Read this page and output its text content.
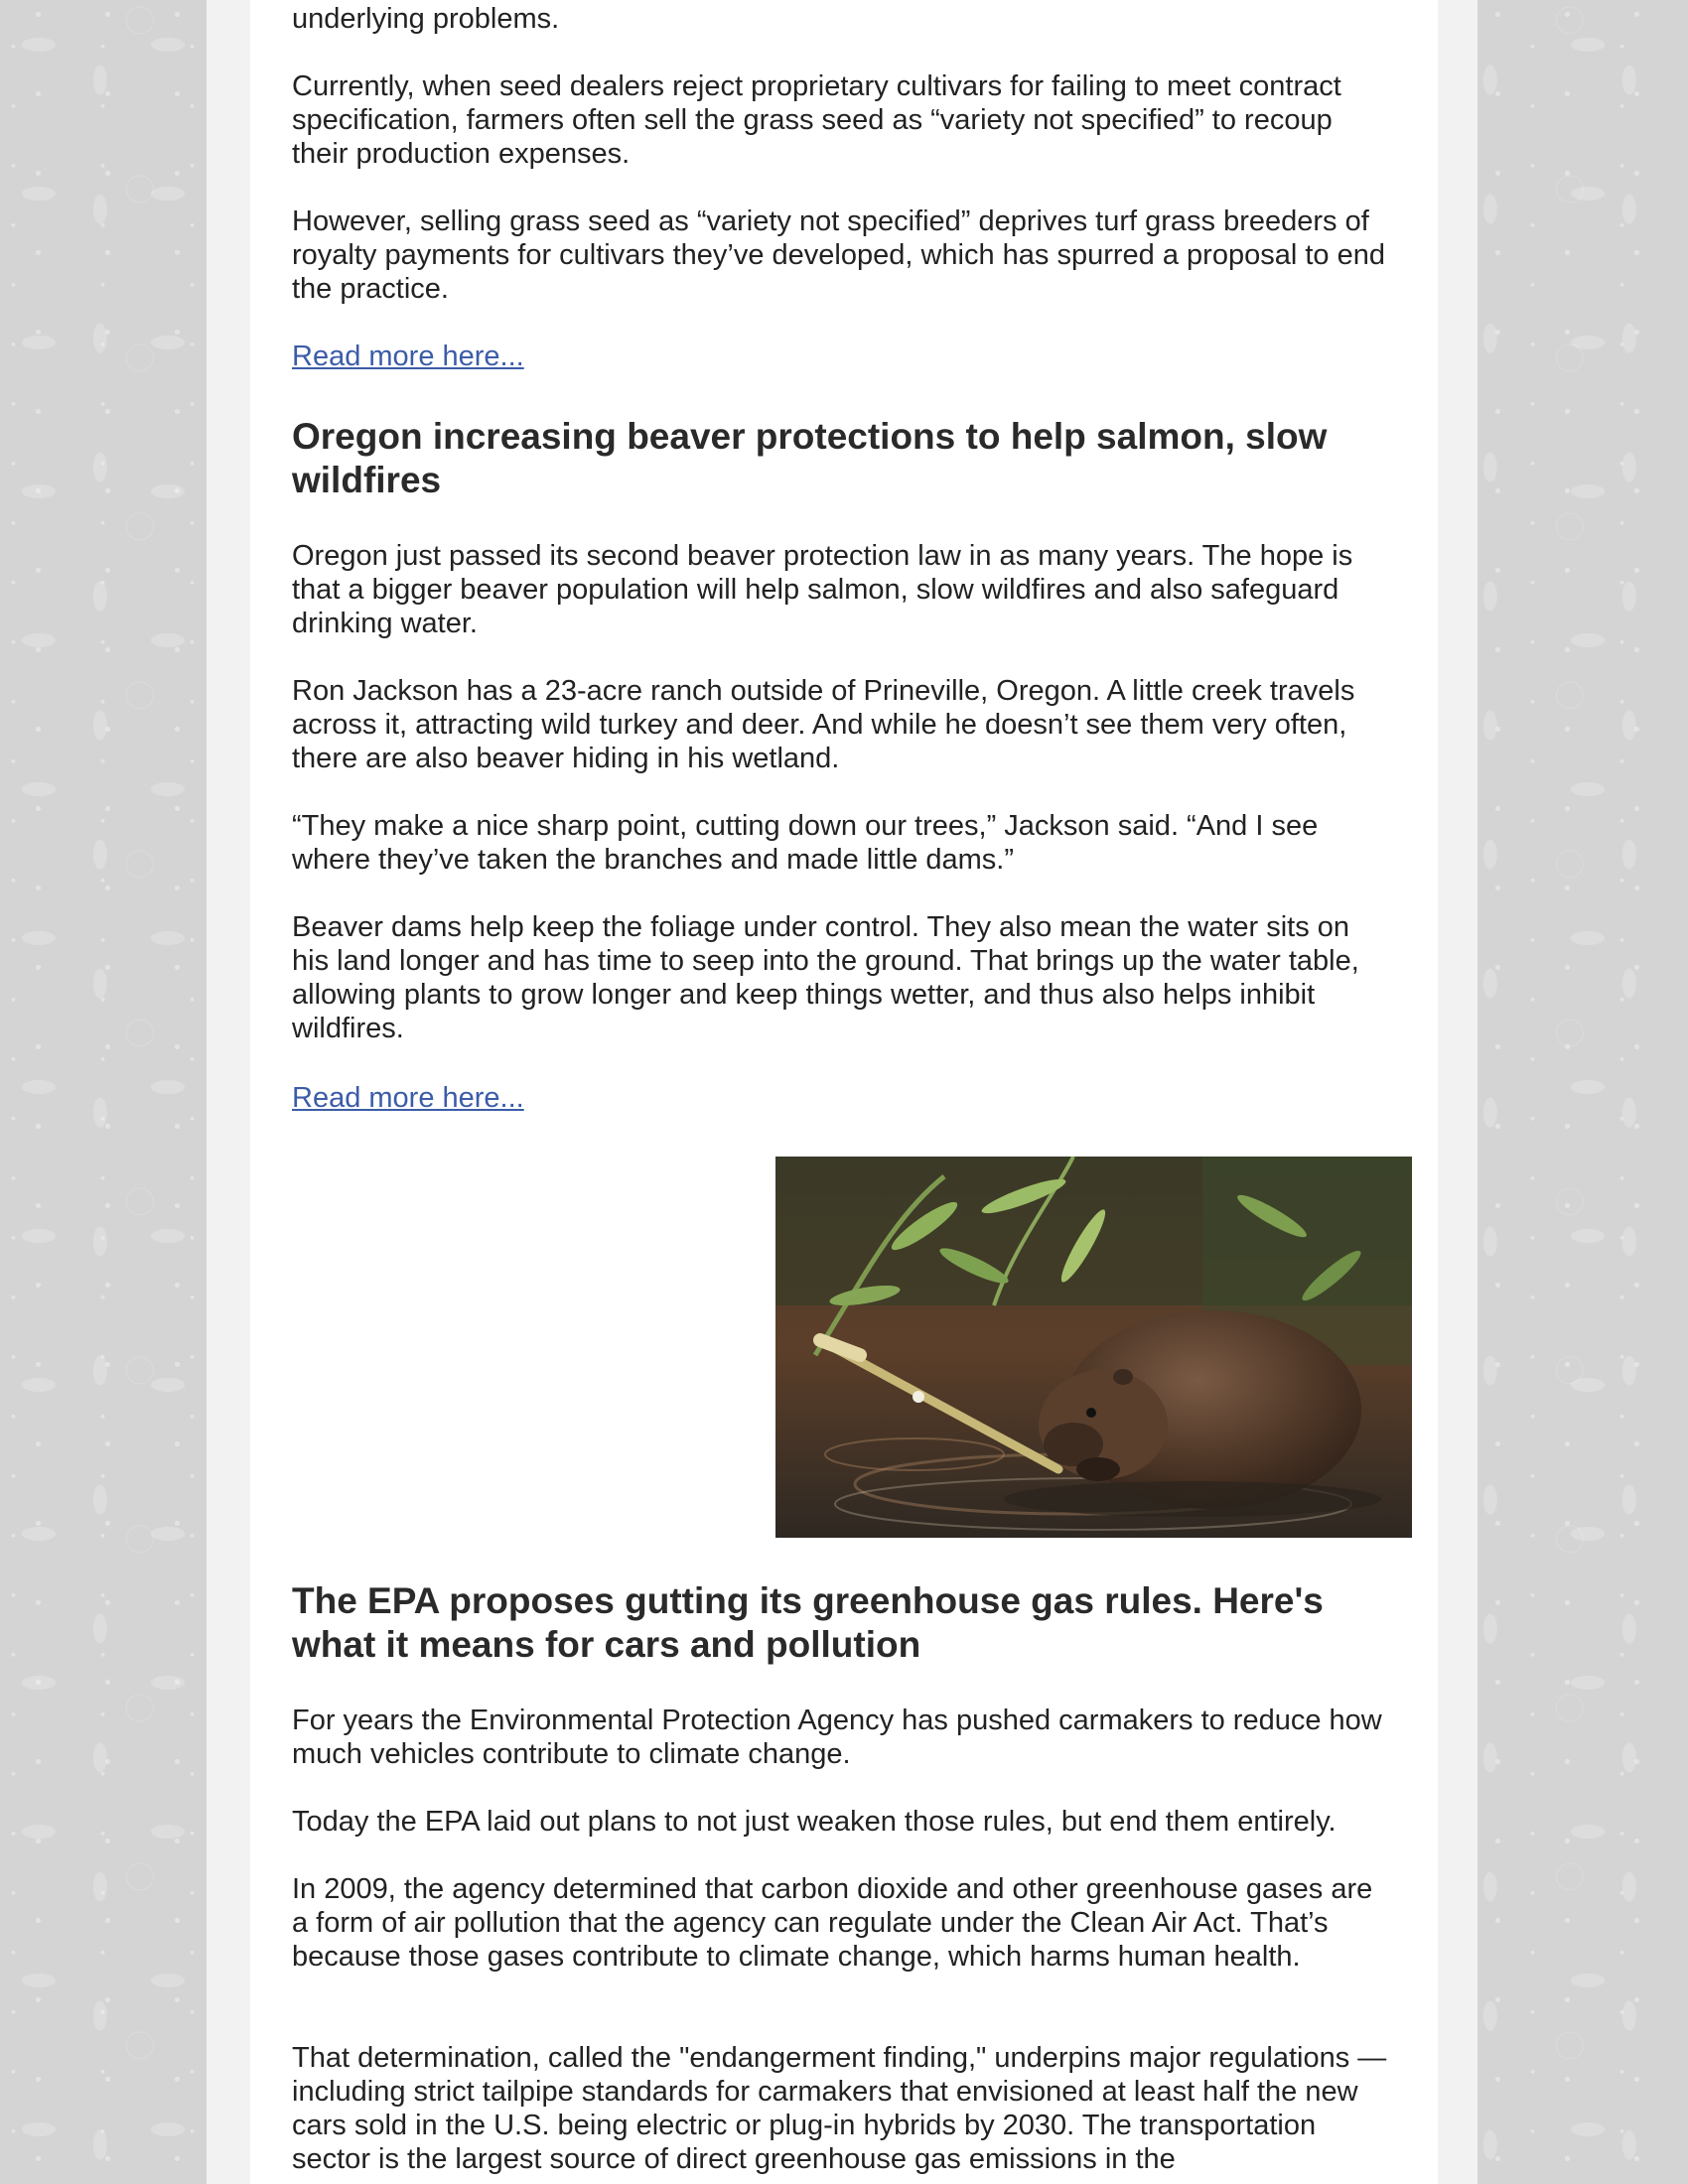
underlying problems.

Currently, when seed dealers reject proprietary cultivars for failing to meet contract specification, farmers often sell the grass seed as “variety not specified” to recoup their production expenses.

However, selling grass seed as “variety not specified” deprives turf grass breeders of royalty payments for cultivars they’ve developed, which has spurred a proposal to end the practice.

Read more here...
Oregon increasing beaver protections to help salmon, slow wildfires

Oregon just passed its second beaver protection law in as many years. The hope is that a bigger beaver population will help salmon, slow wildfires and also safeguard drinking water.

Ron Jackson has a 23-acre ranch outside of Prineville, Oregon. A little creek travels across it, attracting wild turkey and deer. And while he doesn’t see them very often, there are also beaver hiding in his wetland.

“They make a nice sharp point, cutting down our trees,” Jackson said. “And I see where they’ve taken the branches and made little dams.”

Beaver dams help keep the foliage under control. They also mean the water sits on his land longer and has time to seep into the ground. That brings up the water table, allowing plants to grow longer and keep things wetter, and thus also helps inhibit wildfires.

Read more here...
The EPA proposes gutting its greenhouse gas rules. Here's what it means for cars and pollution

For years the Environmental Protection Agency has pushed carmakers to reduce how much vehicles contribute to climate change.

Today the EPA laid out plans to not just weaken those rules, but end them entirely.

In 2009, the agency determined that carbon dioxide and other greenhouse gases are a form of air pollution that the agency can regulate under the Clean Air Act. That’s because those gases contribute to climate change, which harms human health.

That determination, called the "endangerment finding," underpins major regulations — including strict tailpipe standards for carmakers that envisioned at least half the new cars sold in the U.S. being electric or plug-in hybrids by 2030. The transportation sector is the largest source of direct greenhouse gas emissions in the
